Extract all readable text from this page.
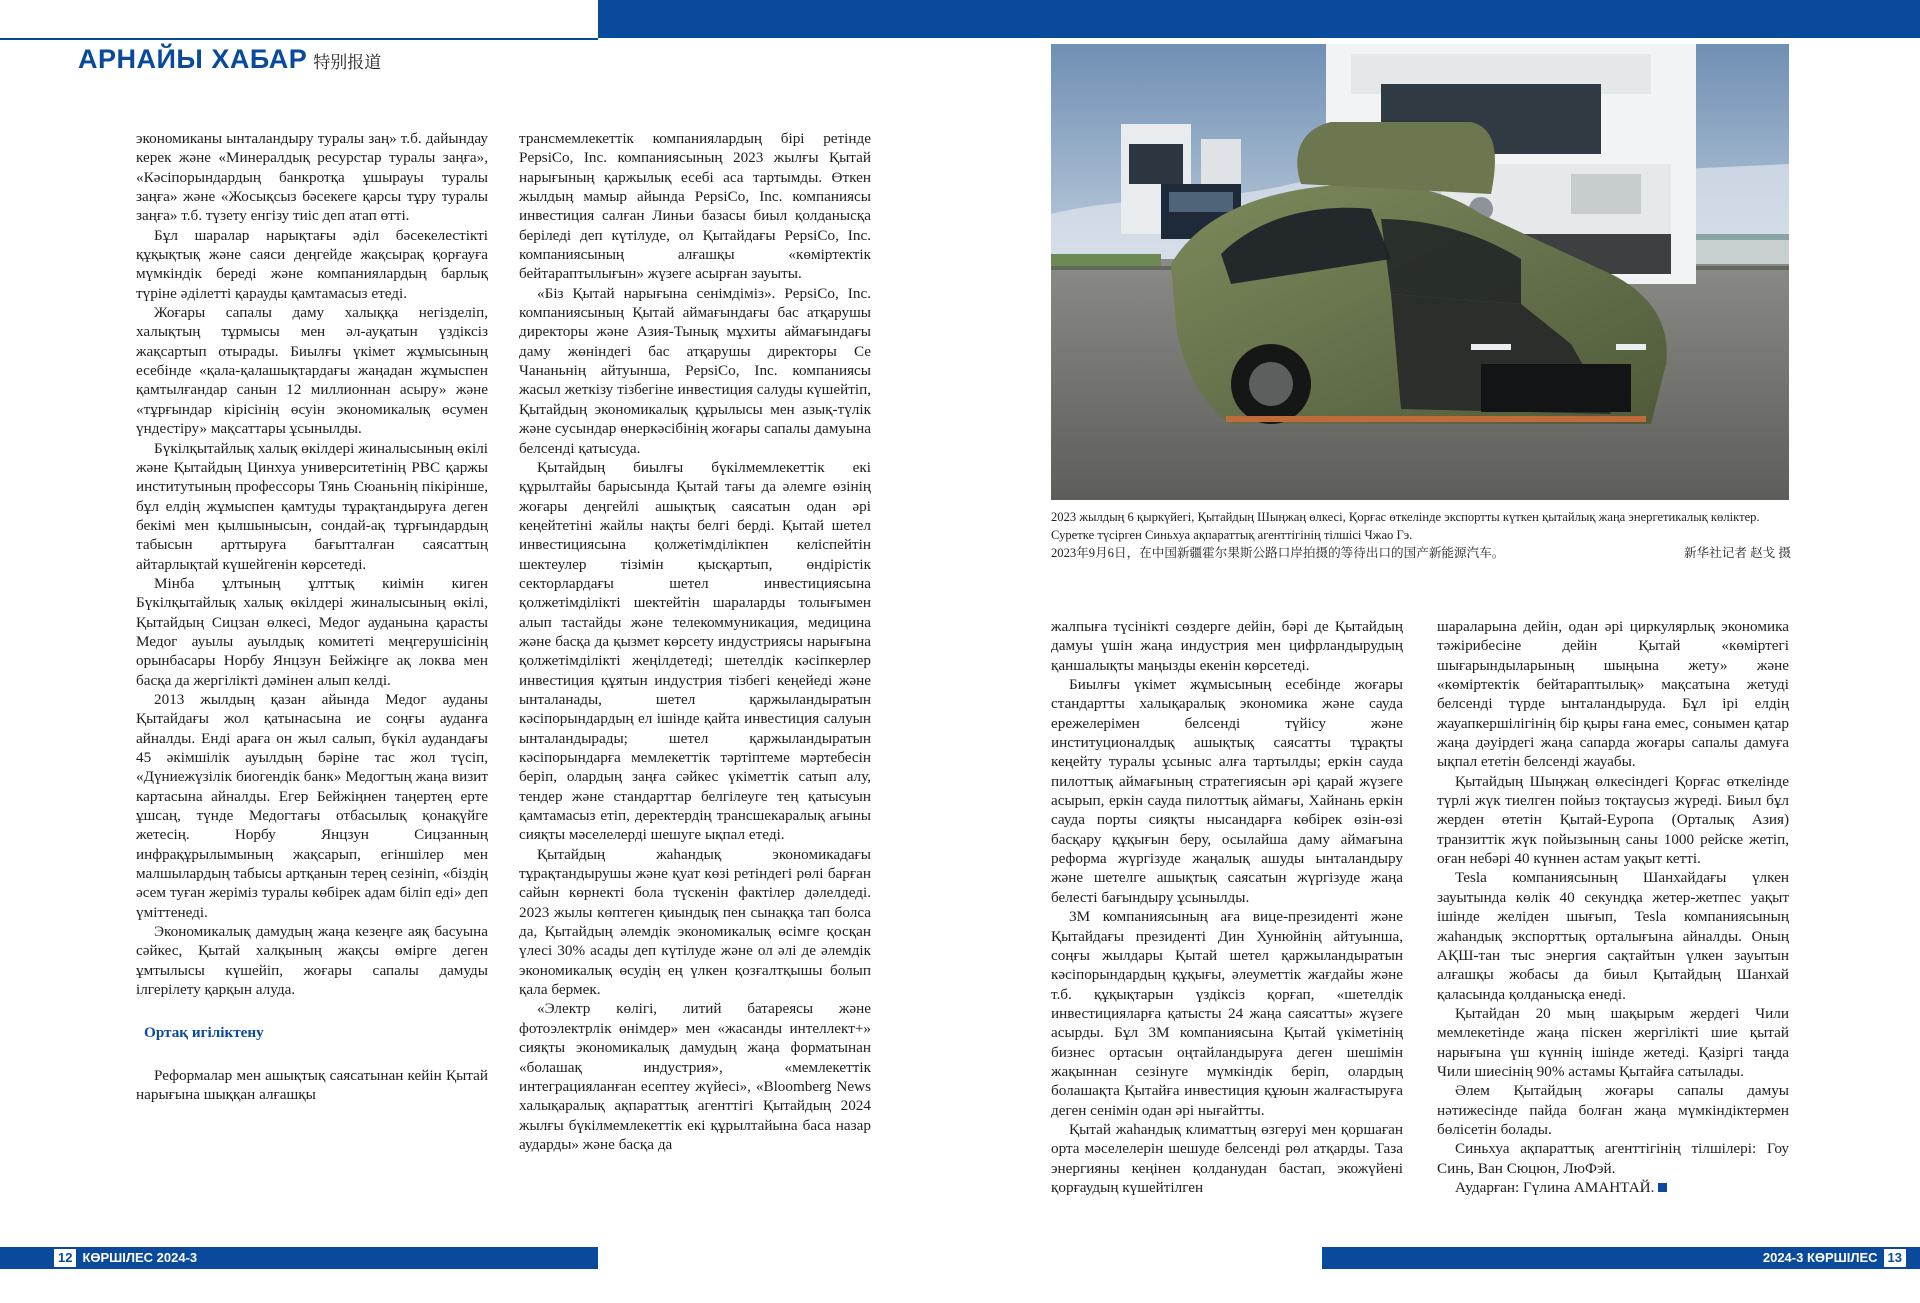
АРНАЙЫ ХАБАР 特别报道

экономиканы ынталандыру туралы заң» т.б. дайындау керек және «Минералдық ресурстар туралы заңға», «Кәсіпорындардың банкротқа ұшырауы туралы заңға» және «Жосықсыз бәсекеге қарсы тұру туралы заңға» т.б. түзету енгізу тиіс деп атап өтті.

Бұл шаралар нарықтағы әділ бәсекелестікті құқықтық және саяси деңгейде жақсырақ қорғауға мүмкіндік береді және компаниялардың барлық түріне әділетті қарауды қамтамасыз етеді.

Жоғары сапалы даму халыққа негізделіп, халықтың тұрмысы мен әл-ауқатын үздіксіз жақсартып отырады. Биылғы үкімет жұмысының есебінде «қала-қалашықтардағы жаңадан жұмыспен қамтылғандар санын 12 миллионнан асыру» және «тұрғындар кірісінің өсуін экономикалық өсумен үндестіру» мақсаттары ұсынылды.

Бүкілқытайлық халық өкілдері жиналысының өкілі және Қытайдың Цинхуа университетінің PBC қаржы институтының профессоры Тянь Сюаньнің пікірінше, бұл елдің жұмыспен қамтуды тұрақтандыруға деген бекімі мен қылшынысын, сондай-ақ тұрғындардың табысын арттыруға бағытталған саясаттың айтарлықтай күшейгенін көрсетеді.

Мінба ұлтының ұлттық киімін киген Бүкілқытайлық халық өкілдері жиналысының өкілі, Қытайдың Сицзан өлкесі, Медог ауданына қарасты Медог ауылы ауылдық комитеті меңгерушісінің орынбасары Норбу Янцзун Бейжіңге ақ локва мен басқа да жергілікті дәмінен алып келді.

2013 жылдың қазан айында Медог ауданы Қытайдағы жол қатынасына ие соңғы ауданға айналды. Енді араға он жыл салып, бүкіл аудандағы 45 әкімшілік ауылдың бәріне тас жол түсіп, «Дүниежүзілік биогендік банк» Медогтың жаңа визит картасына айналды. Егер Бейжіңнен таңертең ерте ұшсаң, түнде Медогтағы отбасылық қонақүйге жетесің. Норбу Янцзун Сицзанның инфрақұрылымының жақсарып, егіншілер мен малшылардың табысы артқанын терең сезініп, «біздің әсем туған жеріміз туралы көбірек адам біліп еді» деп үміттенеді.

Экономикалық дамудың жаңа кезеңге аяқ басуына сәйкес, Қытай халқының жақсы өмірге деген ұмтылысы күшейіп, жоғары сапалы дамуды ілгерілету қарқын алуда.

Ортақ игіліктену

Реформалар мен ашықтық саясатынан кейін Қытай нарығына шыққан алғашқы

трансмемлекеттік компаниялардың бірі ретінде PepsiCo, Inc. компаниясының 2023 жылғы Қытай нарығының қаржылық есебі аса тартымды. Өткен жылдың мамыр айында PepsiCo, Inc. компаниясы инвестиция салған Линьи базасы биыл қолданысқа беріледі деп күтілуде, ол Қытайдағы PepsiCo, Inc. компаниясының алғашқы «көміртектік бейтараптылығын» жүзеге асырған зауыты.

«Біз Қытай нарығына сенімдіміз». PepsiCo, Inc. компаниясының Қытай аймағындағы бас атқарушы директоры және Азия-Тынық мұхиты аймағындағы даму жөніндегі бас атқарушы директоры Се Чананьнің айтуынша, PepsiCo, Inc. компаниясы жасыл жеткізу тізбегіне инвестиция салуды күшейтіп, Қытайдың экономикалық құрылысы мен азық-түлік және сусындар өнеркәсібінің жоғары сапалы дамуына белсенді қатысуда.

Қытайдың биылғы бүкілмемлекеттік екі құрылтайы барысында Қытай тағы да әлемге өзінің жоғары деңгейлі ашықтық саясатын одан әрі кеңейтетіні жайлы нақты белгі берді. Қытай шетел инвестициясына қолжетімділікпен келіспейтін шектеулер тізімін қысқартып, өндірістік секторлардағы шетел инвестициясына қолжетімділікті шектейтін шараларды толығымен алып тастайды және телекоммуникация, медицина және басқа да қызмет көрсету индустриясы нарығына қолжетімділікті жеңілдетеді; шетелдік кәсіпкерлер инвестиция құятын индустрия тізбегі кеңейеді және ынталанады, шетел қаржыландыратын кәсіпорындардың ел ішінде қайта инвестиция салуын ынталандырады; шетел қаржыландыратын кәсіпорындарға мемлекеттік тәртіптеме мәртебесін беріп, олардың заңға сәйкес үкіметтік сатып алу, тендер және стандарттар белгілеуге тең қатысуын қамтамасыз етіп, деректердің трансшекаралық ағыны сияқты мәселелерді шешуге ықпал етеді.

Қытайдың жаһандық экономикадағы тұрақтандырушы және қуат көзі ретіндегі рөлі барған сайын көрнекті бола түскенін фактілер дәлелдеді. 2023 жылы көптеген қиындық пен сынаққа тап болса да, Қытайдың әлемдік экономикалық өсімге қосқан үлесі 30% асады деп күтілуде және ол әлі де әлемдік экономикалық өсудің ең үлкен қозғалтқышы болып қала бермек.

«Электр көлігі, литий батареясы және фотоэлектрлік өнімдер» мен «жасанды интеллект+» сияқты экономикалық дамудың жаңа форматынан «болашақ индустрия», «мемлекеттік интеграцияланған есептеу жүйесі», «Bloomberg News халықаралық ақпараттық агенттігі Қытайдың 2024 жылғы бүкілмемлекеттік екі құрылтайына баса назар аударды» және басқа да

2023 жылдың 6 қыркүйегі, Қытайдың Шыңжаң өлкесі, Қорғас өткелінде экспортты күткен қытайлық жаңа энергетикалық көліктер.
Суретке түсірген Синьхуа ақпараттық агенттігінің тілшісі Чжао Гэ.
2023年9月6日，在中国新疆霍尔果斯公路口岸拍摄的等待出口的国产新能源汽车。	新华社记者 赵戈 摄

жалпыға түсінікті сөздерге дейін, бәрі де Қытайдың дамуы үшін жаңа индустрия мен цифрландырудың қаншалықты маңызды екенін көрсетеді.

Биылғы үкімет жұмысының есебінде жоғары стандартты халықаралық экономика және сауда ережелерімен белсенді түйісу және институционалдық ашықтық саясатты тұрақты кеңейту туралы ұсыныс алға тартылды; еркін сауда пилоттық аймағының стратегиясын әрі қарай жүзеге асырып, еркін сауда пилоттық аймағы, Хайнань еркін сауда порты сияқты нысандарға көбірек өзін-өзі басқару құқығын беру, осылайша даму аймағына реформа жүргізуде жаңалық ашуды ынталандыру және шетелге ашықтық саясатын жүргізуде жаңа белесті бағындыру ұсынылды.

3M компаниясының аға вице-президенті және Қытайдағы президенті Дин Хунюйнің айтуынша, соңғы жылдары Қытай шетел қаржыландыратын кәсіпорындардың құқығы, әлеуметтік жағдайы және т.б. құқықтарын үздіксіз қорғап, «шетелдік инвестицияларға қатысты 24 жаңа саясатты» жүзеге асырды. Бұл 3M компаниясына Қытай үкіметінің бизнес ортасын оңтайландыруға деген шешімін жақыннан сезінуге мүмкіндік беріп, олардың болашақта Қытайға инвестиция құюын жалғастыруға деген сенімін одан әрі нығайтты.

Қытай жаһандық климаттың өзгеруі мен қоршаған орта мәселелерін шешуде белсенді рөл атқарды. Таза энергияны кеңінен қолданудан бастап, экожүйені қорғаудың күшейтілген

шараларына дейін, одан әрі циркулярлық экономика тәжірибесіне дейін Қытай «көміртегі шығарындыларының шыңына жету» және «көміртектік бейтараптылық» мақсатына жетуді белсенді түрде ынталандыруда. Бұл ірі елдің жауапкершілігінің бір қыры ғана емес, сонымен қатар жаңа дәуірдегі жаңа сапарда жоғары сапалы дамуға ықпал ететін белсенді жауабы.

Қытайдың Шыңжаң өлкесіндегі Қорғас өткелінде түрлі жүк тиелген пойыз тоқтаусыз жүреді. Биыл бұл жерден өтетін Қытай-Еуропа (Орталық Азия) транзиттік жүк пойызының саны 1000 рейске жетіп, оған небәрі 40 күннен астам уақыт кетті.

Tesla компаниясының Шанхайдағы үлкен зауытында көлік 40 секундқа жетер-жетпес уақыт ішінде желіден шығып, Tesla компаниясының жаһандық экспорттық орталығына айналды. Оның АҚШ-тан тыс энергия сақтайтын үлкен зауытын алғашқы жобасы да биыл Қытайдың Шанхай қаласында қолданысқа енеді.

Қытайдан 20 мың шақырым жердегі Чили мемлекетінде жаңа піскен жергілікті шие қытай нарығына үш күннің ішінде жетеді. Қазіргі таңда Чили шиесінің 90% астамы Қытайға сатылады.

Әлем Қытайдың жоғары сапалы дамуы нәтижесінде пайда болған жаңа мүмкіндіктермен бөлісетін болады.

Синьхуа ақпараттық агенттігінің тілшілері: Гоу Синь, Ван Сюцюн, ЛюФэй.

Аударған: Гүлина АМАНТАЙ.

12 КӨРШІЛЕС 2024-3	2024-3 КӨРШІЛЕС 13
